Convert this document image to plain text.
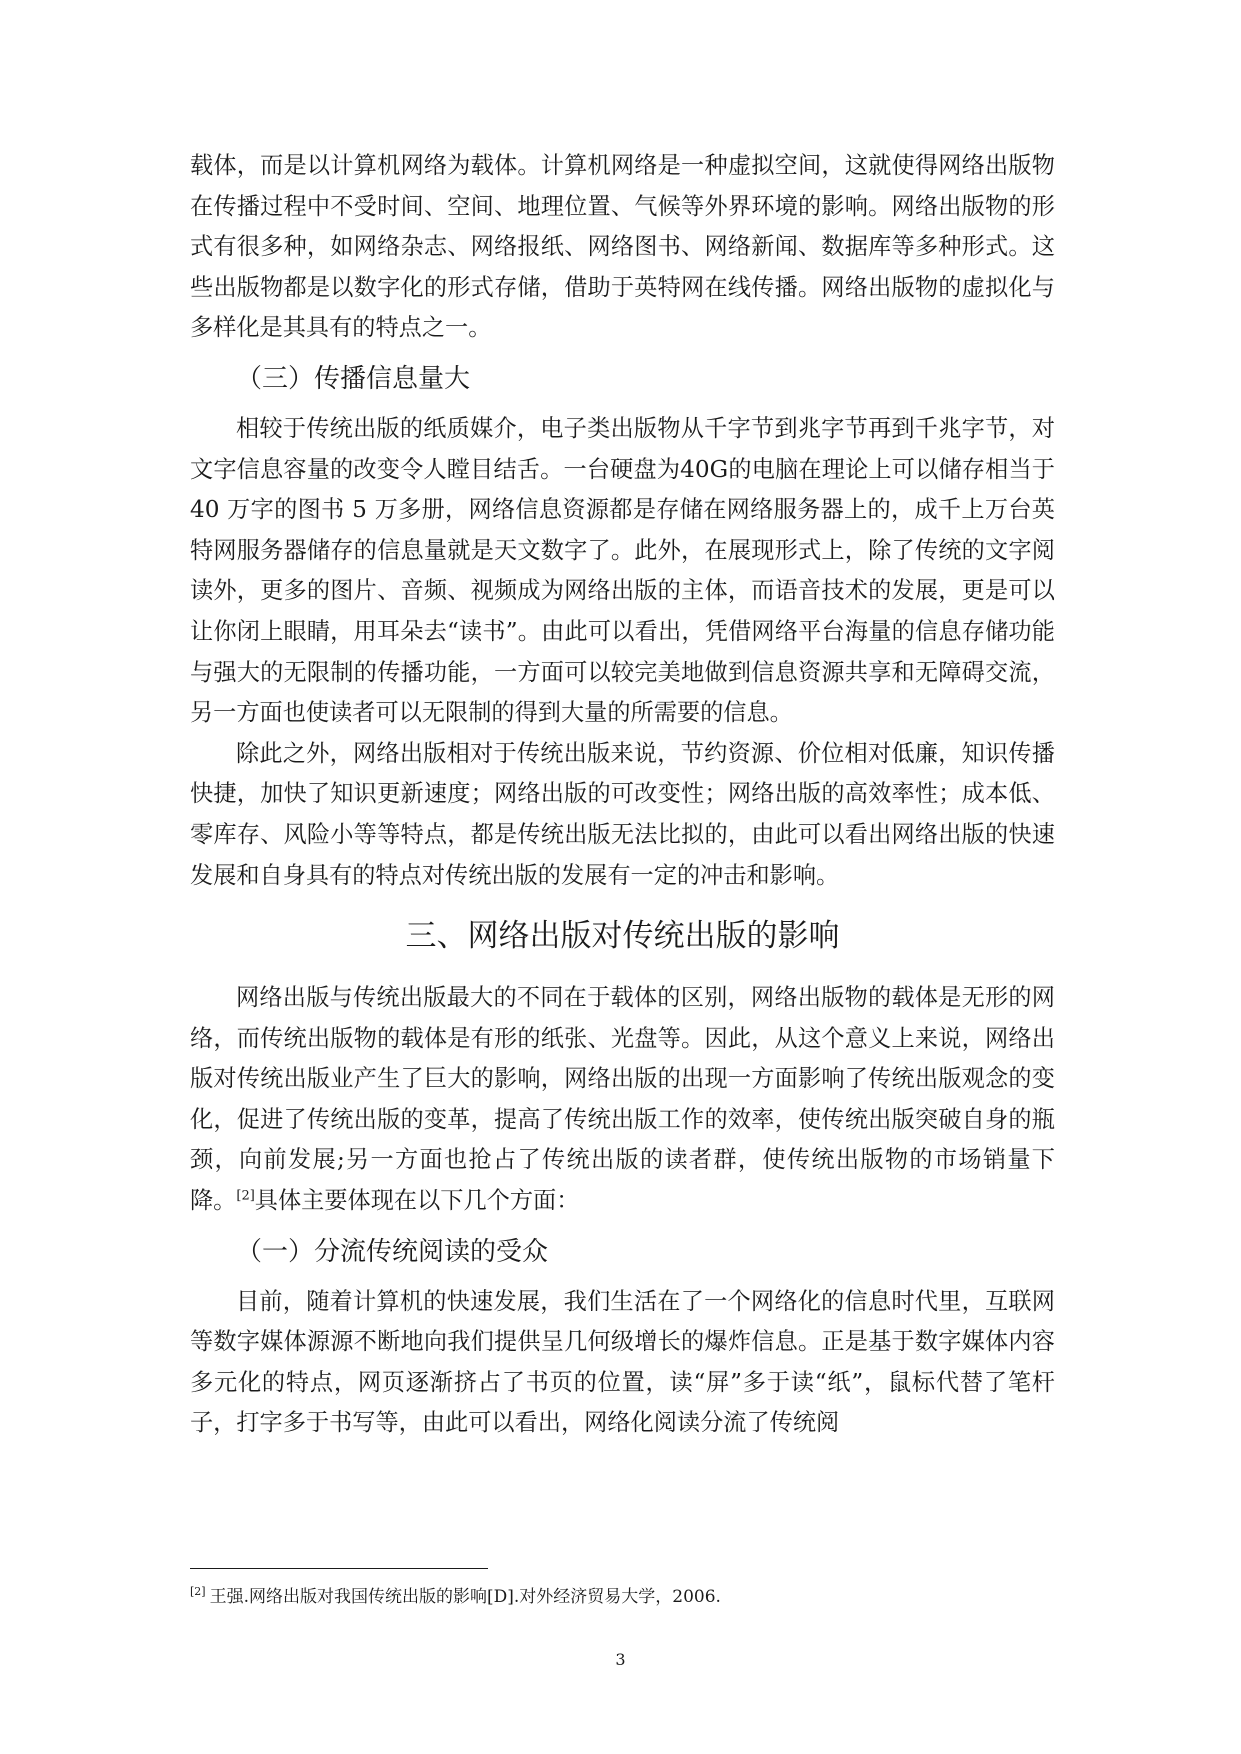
载体，而是以计算机网络为载体。计算机网络是一种虚拟空间，这就使得网络出版物在传播过程中不受时间、空间、地理位置、气候等外界环境的影响。网络出版物的形式有很多种，如网络杂志、网络报纸、网络图书、网络新闻、数据库等多种形式。这些出版物都是以数字化的形式存储，借助于英特网在线传播。网络出版物的虚拟化与多样化是其具有的特点之一。

（三）传播信息量大

相较于传统出版的纸质媒介，电子类出版物从千字节到兆字节再到千兆字节，对文字信息容量的改变令人瞠目结舌。一台硬盘为40G的电脑在理论上可以储存相当于 40 万字的图书 5 万多册，网络信息资源都是存储在网络服务器上的，成千上万台英特网服务器储存的信息量就是天文数字了。此外，在展现形式上，除了传统的文字阅读外，更多的图片、音频、视频成为网络出版的主体，而语音技术的发展，更是可以让你闭上眼睛，用耳朵去“读书”。由此可以看出，凭借网络平台海量的信息存储功能与强大的无限制的传播功能，一方面可以较完美地做到信息资源共享和无障碍交流，另一方面也使读者可以无限制的得到大量的所需要的信息。

除此之外，网络出版相对于传统出版来说，节约资源、价位相对低廉，知识传播快捷，加快了知识更新速度；网络出版的可改变性；网络出版的高效率性；成本低、零库存、风险小等等特点，都是传统出版无法比拟的，由此可以看出网络出版的快速发展和自身具有的特点对传统出版的发展有一定的冲击和影响。

三、网络出版对传统出版的影响

网络出版与传统出版最大的不同在于载体的区别，网络出版物的载体是无形的网络，而传统出版物的载体是有形的纸张、光盘等。因此，从这个意义上来说，网络出版对传统出版业产生了巨大的影响，网络出版的出现一方面影响了传统出版观念的变化，促进了传统出版的变革，提高了传统出版工作的效率，使传统出版突破自身的瓶颈，向前发展;另一方面也抢占了传统出版的读者群，使传统出版物的市场销量下降。[2]具体主要体现在以下几个方面：

（一）分流传统阅读的受众

目前，随着计算机的快速发展，我们生活在了一个网络化的信息时代里，互联网等数字媒体源源不断地向我们提供呈几何级增长的爆炸信息。正是基于数字媒体内容多元化的特点，网页逐渐挤占了书页的位置，读“屏”多于读“纸”，鼠标代替了笔杆子，打字多于书写等，由此可以看出，网络化阅读分流了传统阅

[2] 王强.网络出版对我国传统出版的影响[D].对外经济贸易大学，2006.

3
